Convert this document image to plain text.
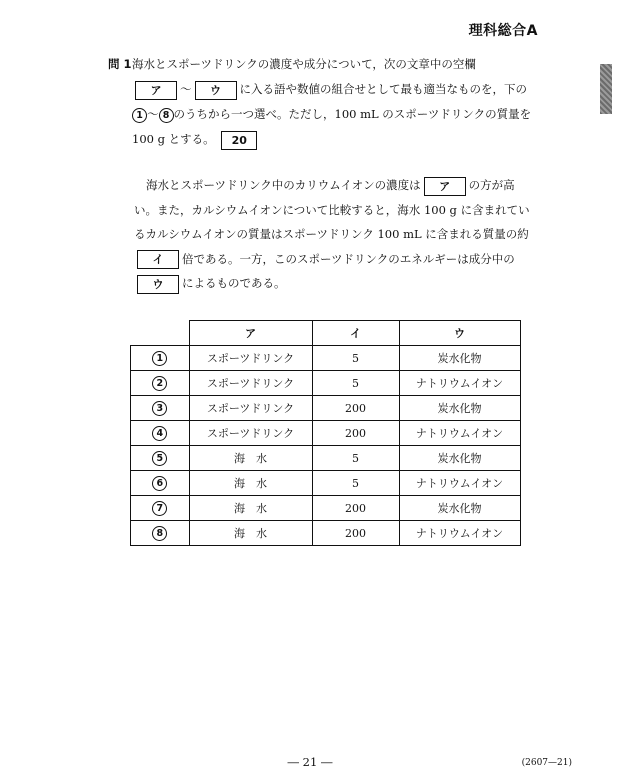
理科総合A
問 1 海水とスポーツドリンクの濃度や成分について，次の文章中の空欄
ア 〜 ウ に入る語や数値の組合せとして最も適当なものを，下の
1 〜 8 のうちから一つ選べ。ただし，100 mL のスポーツドリンクの質量を
100 g とする。 20
海水とスポーツドリンク中のカリウムイオンの濃度は ア の方が高
い。また，カルシウムイオンについて比較すると，海水 100 g に含まれてい
るカルシウムイオンの質量はスポーツドリンク 100 mL に含まれる質量の約
イ 倍である。一方，このスポーツドリンクのエネルギーは成分中の
ウ によるものである。
	ア	イ	ウ
1	スポーツドリンク	5	炭水化物
2	スポーツドリンク	5	ナトリウムイオン
3	スポーツドリンク	200	炭水化物
4	スポーツドリンク	200	ナトリウムイオン
5	海　水	5	炭水化物
6	海　水	5	ナトリウムイオン
7	海　水	200	炭水化物
8	海　水	200	ナトリウムイオン
― 21 ―	(2607—21)
